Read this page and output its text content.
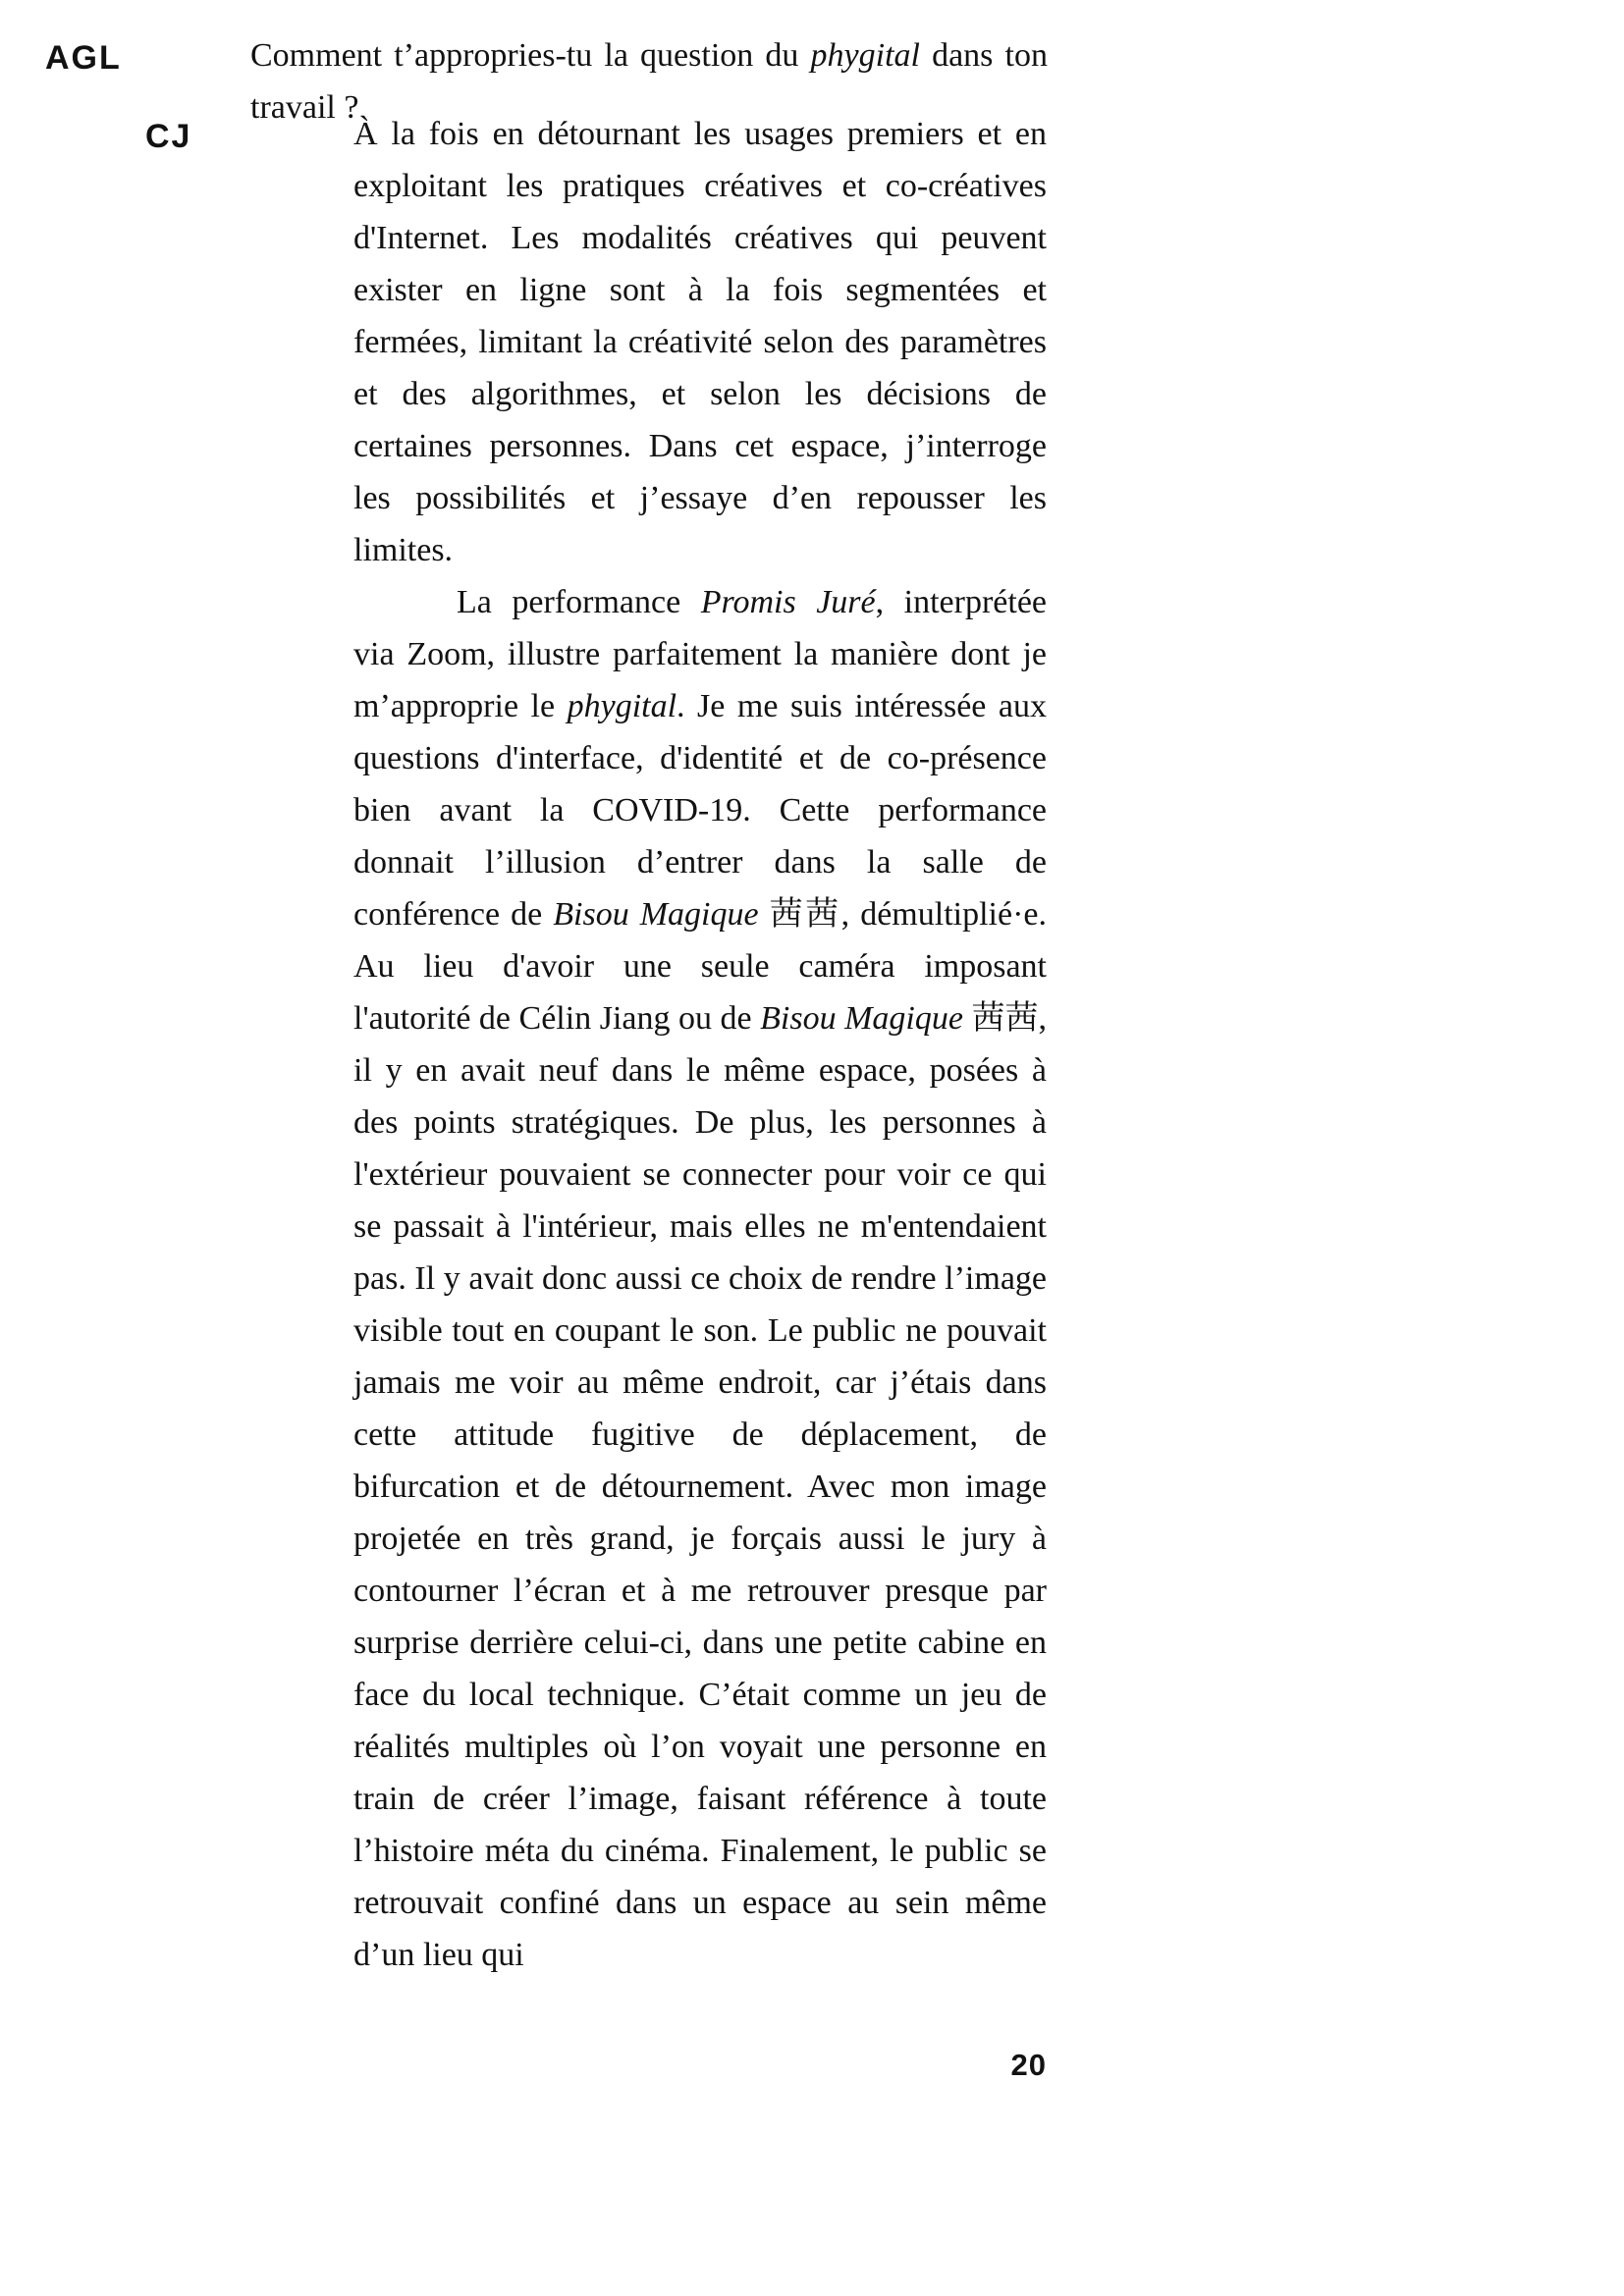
AGL	Comment t’appropries-tu la question du phygital dans ton travail ?
CJ	À la fois en détournant les usages premiers et en exploitant les pratiques créatives et co-créatives d'Internet. Les modalités créatives qui peuvent exister en ligne sont à la fois segmentées et fermées, limitant la créativité selon des paramètres et des algorithmes, et selon les décisions de certaines personnes. Dans cet espace, j’interroge les possibilités et j’essaye d’en repousser les limites.

La performance Promis Juré, interprétée via Zoom, illustre parfaitement la manière dont je m’approprie le phygital. Je me suis intéressée aux questions d'interface, d'identité et de co-présence bien avant la COVID-19. Cette performance donnait l’illusion d’entrer dans la salle de conférence de Bisou Magique 茜茜, démultiplié·e. Au lieu d'avoir une seule caméra imposant l'autorité de Célin Jiang ou de Bisou Magique 茜茜, il y en avait neuf dans le même espace, posées à des points stratégiques. De plus, les personnes à l'extérieur pouvaient se connecter pour voir ce qui se passait à l'intérieur, mais elles ne m'entendaient pas. Il y avait donc aussi ce choix de rendre l’image visible tout en coupant le son. Le public ne pouvait jamais me voir au même endroit, car j’étais dans cette attitude fugitive de déplacement, de bifurcation et de détournement. Avec mon image projetée en très grand, je forçais aussi le jury à contourner l’écran et à me retrouver presque par surprise derrière celui-ci, dans une petite cabine en face du local technique. C’était comme un jeu de réalités multiples où l’on voyait une personne en train de créer l’image, faisant référence à toute l’histoire méta du cinéma. Finalement, le public se retrouvait confiné dans un espace au sein même d’un lieu qui

20
